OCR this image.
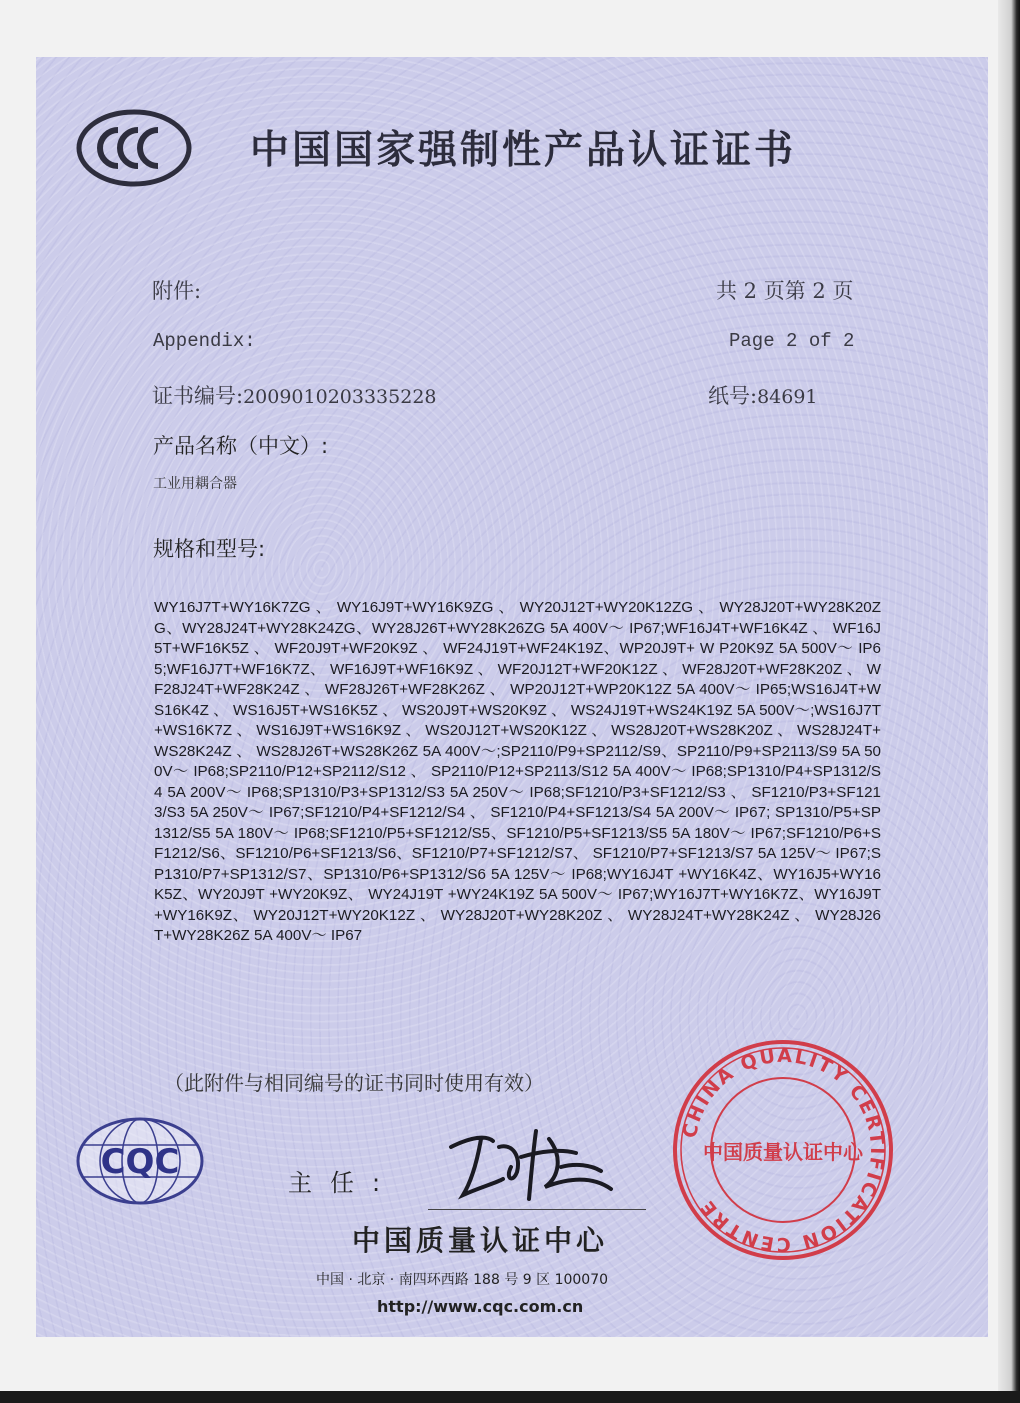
中国国家强制性产品认证证书
附件:	共 2 页第 2 页
Appendix:	Page 2 of 2
证书编号:2009010203335228	纸号:84691
产品名称（中文）:
工业用耦合器
规格和型号:
WY16J7T+WY16K7ZG 、 WY16J9T+WY16K9ZG 、 WY20J12T+WY20K12ZG 、 WY28J20T+WY28K20ZG、WY28J24T+WY28K24ZG、WY28J26T+WY28K26ZG 5A 400V～ IP67;WF16J4T+WF16K4Z 、 WF16J5T+WF16K5Z 、 WF20J9T+WF20K9Z 、 WF24J19T+WF24K19Z、WP20J9T+ W P20K9Z 5A 500V～ IP65;WF16J7T+WF16K7Z、 WF16J9T+WF16K9Z 、 WF20J12T+WF20K12Z 、 WF28J20T+WF28K20Z 、 WF28J24T+WF28K24Z 、 WF28J26T+WF28K26Z 、 WP20J12T+WP20K12Z 5A 400V～ IP65;WS16J4T+WS16K4Z 、 WS16J5T+WS16K5Z 、 WS20J9T+WS20K9Z 、 WS24J19T+WS24K19Z 5A 500V～;WS16J7T+WS16K7Z 、 WS16J9T+WS16K9Z 、 WS20J12T+WS20K12Z 、 WS28J20T+WS28K20Z 、 WS28J24T+WS28K24Z 、 WS28J26T+WS28K26Z 5A 400V～;SP2110/P9+SP2112/S9、SP2110/P9+SP2113/S9 5A 500V～ IP68;SP2110/P12+SP2112/S12 、 SP2110/P12+SP2113/S12 5A 400V～ IP68;SP1310/P4+SP1312/S4 5A 200V～ IP68;SP1310/P3+SP1312/S3 5A 250V～ IP68;SF1210/P3+SF1212/S3 、 SF1210/P3+SF1213/S3 5A 250V～ IP67;SF1210/P4+SF1212/S4 、 SF1210/P4+SF1213/S4 5A 200V～ IP67; SP1310/P5+SP1312/S5 5A 180V～ IP68;SF1210/P5+SF1212/S5、SF1210/P5+SF1213/S5 5A 180V～ IP67;SF1210/P6+SF1212/S6、SF1210/P6+SF1213/S6、SF1210/P7+SF1212/S7、 SF1210/P7+SF1213/S7 5A 125V～ IP67;SP1310/P7+SP1312/S7、SP1310/P6+SP1312/S6 5A 125V～ IP68;WY16J4T +WY16K4Z、WY16J5+WY16K5Z、WY20J9T +WY20K9Z、 WY24J19T +WY24K19Z 5A 500V～ IP67;WY16J7T+WY16K7Z、WY16J9T+WY16K9Z、 WY20J12T+WY20K12Z 、 WY28J20T+WY28K20Z 、 WY28J24T+WY28K24Z 、 WY28J26T+WY28K26Z 5A 400V～ IP67
（此附件与相同编号的证书同时使用有效）
CQC
主任:
中国质量认证中心
中国 · 北京 · 南四环西路 188 号 9 区 100070
http://www.cqc.com.cn
CHINA QUALITY CERTIFICATION CENTRE
中国质量认证中心
